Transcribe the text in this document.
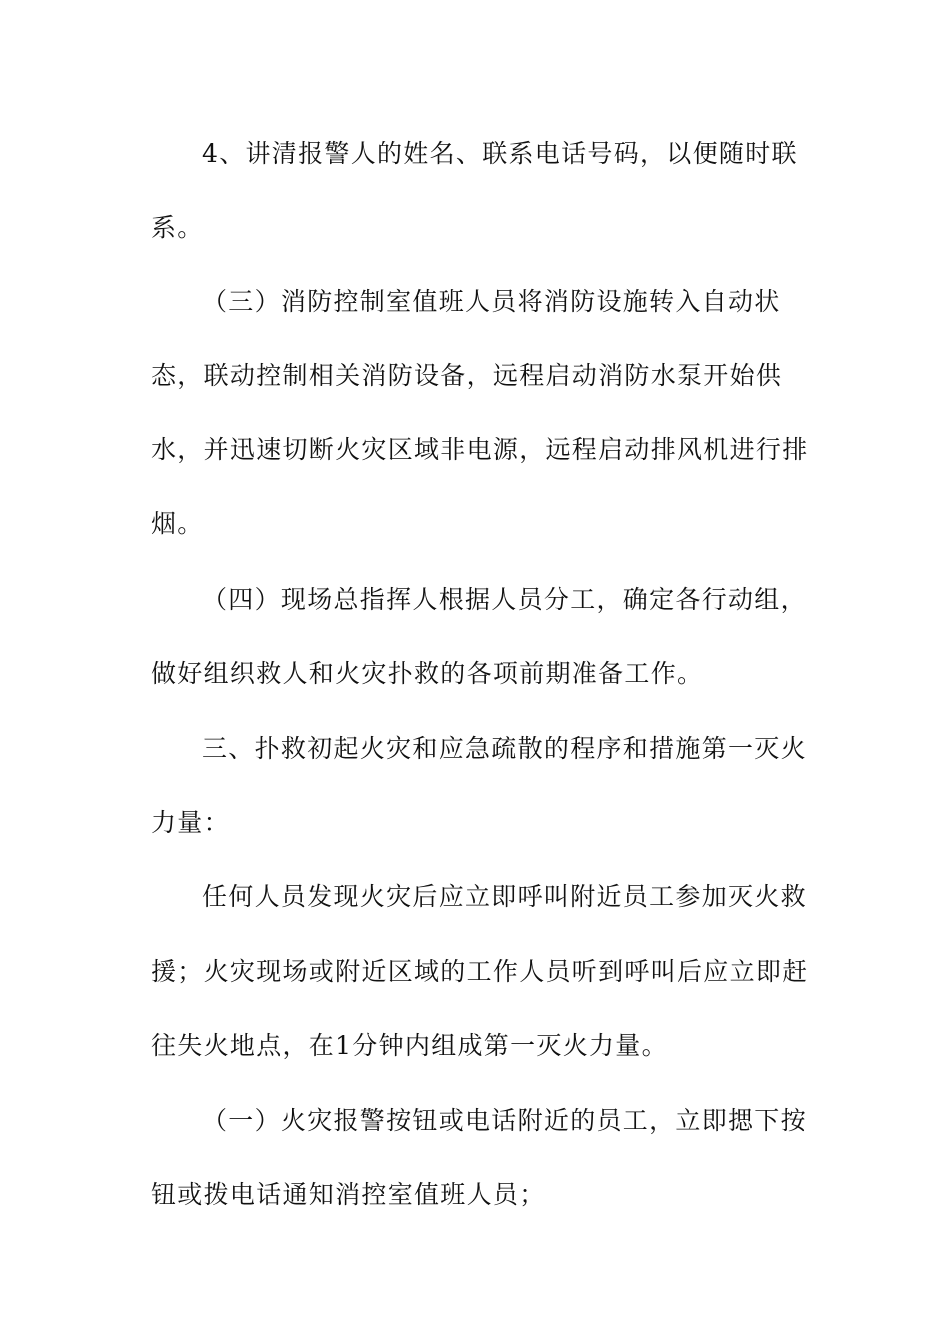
4、讲清报警人的姓名、联系电话号码，以便随时联
系。
（三）消防控制室值班人员将消防设施转入自动状
态，联动控制相关消防设备，远程启动消防水泵开始供
水，并迅速切断火灾区域非电源，远程启动排风机进行排
烟。
（四）现场总指挥人根据人员分工，确定各行动组，
做好组织救人和火灾扑救的各项前期准备工作。
三、扑救初起火灾和应急疏散的程序和措施第一灭火
力量：
任何人员发现火灾后应立即呼叫附近员工参加灭火救
援；火灾现场或附近区域的工作人员听到呼叫后应立即赶
往失火地点，在1分钟内组成第一灭火力量。
（一）火灾报警按钮或电话附近的员工，立即揌下按
钮或拨电话通知消控室值班人员；
